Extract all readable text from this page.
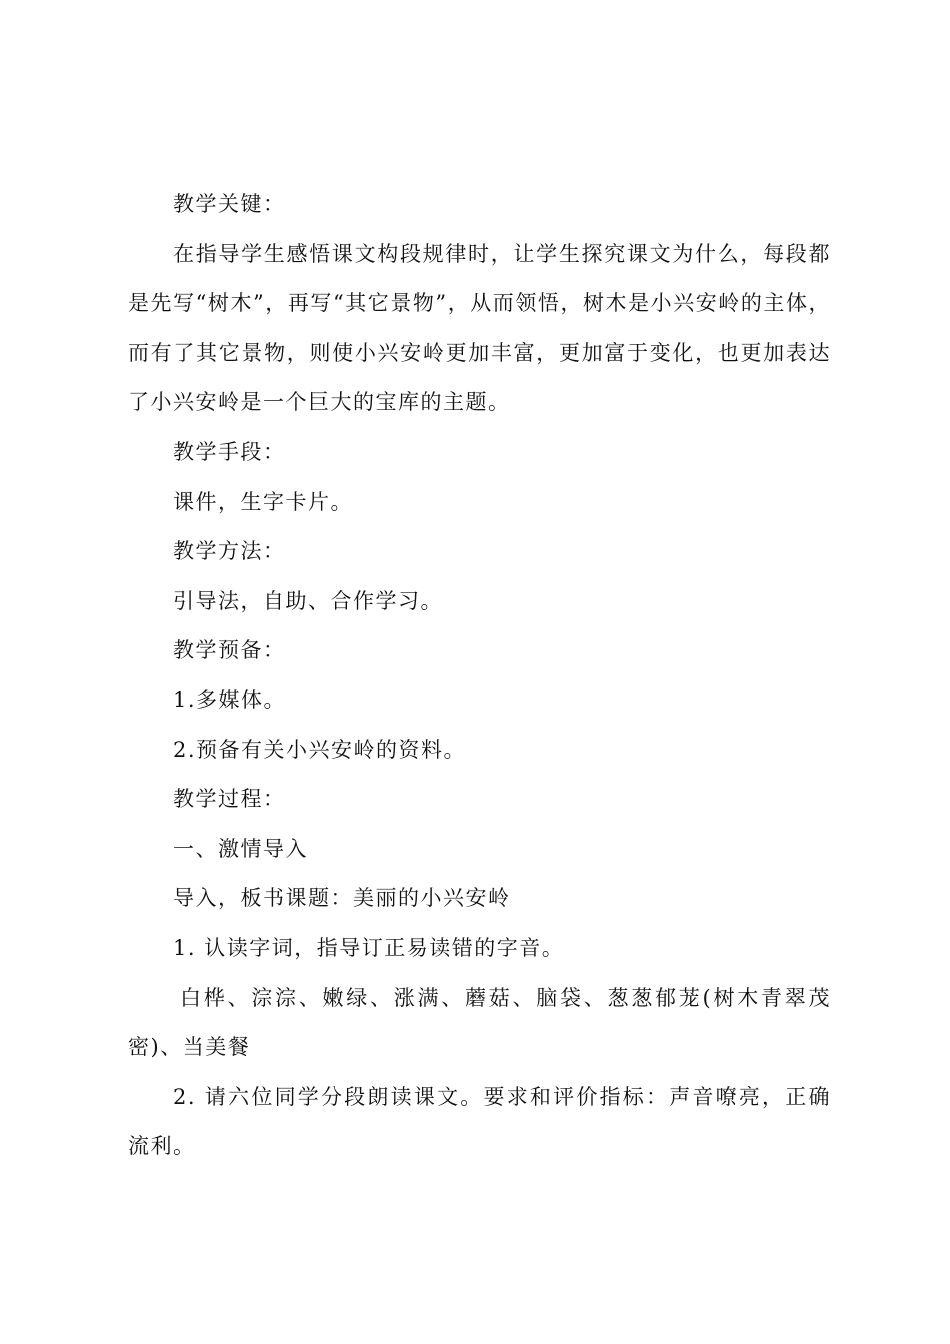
教学关键：

在指导学生感悟课文构段规律时，让学生探究课文为什么，每段都是先写“树木”，再写“其它景物”，从而领悟，树木是小兴安岭的主体，而有了其它景物，则使小兴安岭更加丰富，更加富于变化，也更加表达了小兴安岭是一个巨大的宝库的主题。

教学手段：

课件，生字卡片。

教学方法：

引导法，自助、合作学习。

教学预备：

1.多媒体。

2.预备有关小兴安岭的资料。

教学过程：

一、激情导入

导入，板书课题：美丽的小兴安岭

1. 认读字词，指导订正易读错的字音。

白桦、淙淙、嫩绿、涨满、蘑菇、脑袋、葱葱郁茏(树木青翠茂密)、当美餐

2. 请六位同学分段朗读课文。要求和评价指标：声音嘹亮，正确流利。
